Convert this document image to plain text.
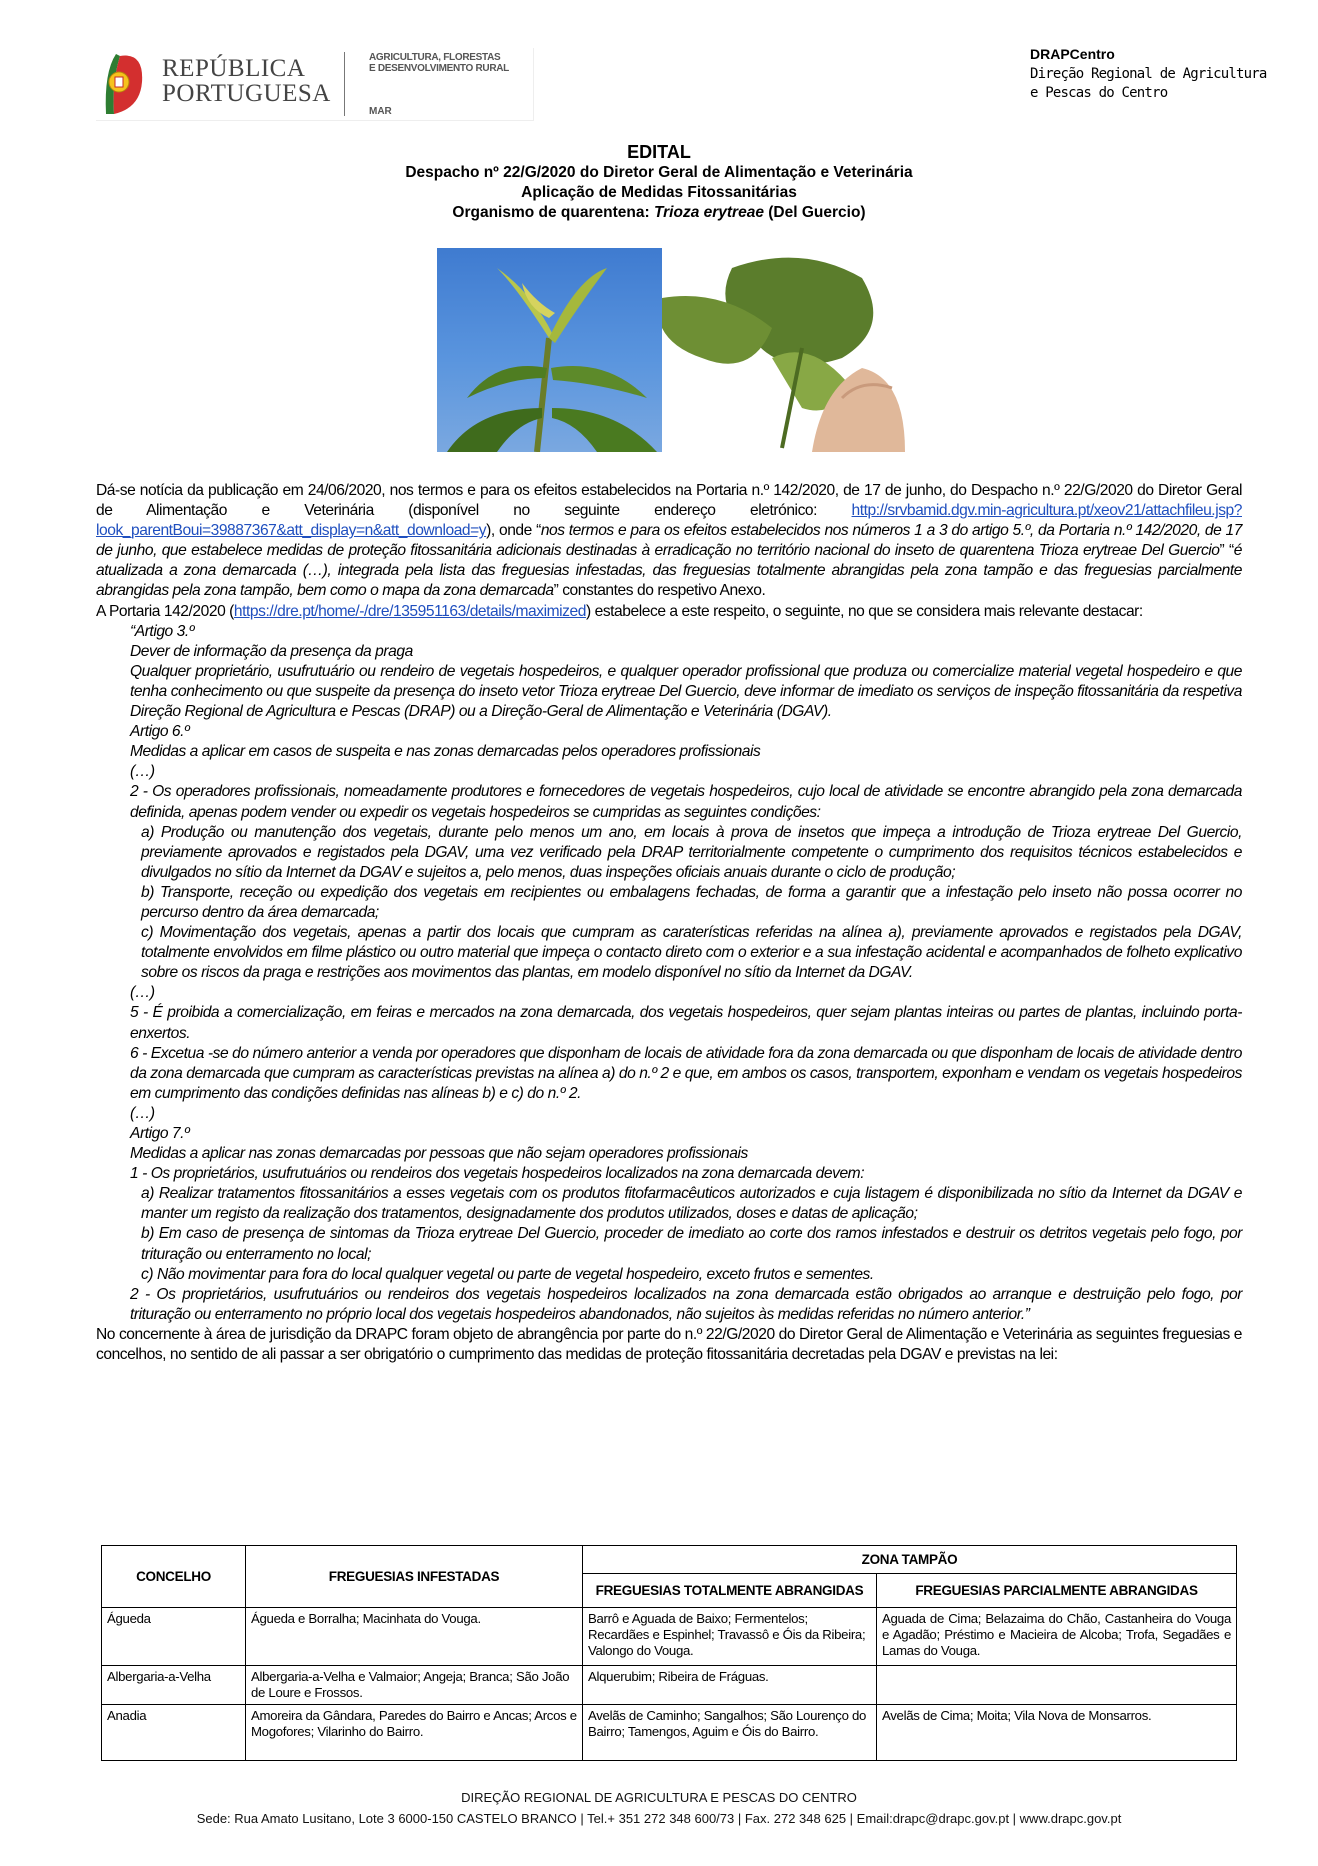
REPÚBLICA
PORTUGUESA
AGRICULTURA, FLORESTAS
E DESENVOLVIMENTO RURAL
MAR
DRAPCentro
Direção Regional de Agricultura
e Pescas do Centro
EDITAL
Despacho nº 22/G/2020 do Diretor Geral de Alimentação e Veterinária
Aplicação de Medidas Fitossanitárias
Organismo de quarentena: Trioza erytreae (Del Guercio)

Dá-se notícia da publicação em 24/06/2020, nos termos e para os efeitos estabelecidos na Portaria n.º 142/2020, de 17 de junho, do Despacho n.º 22/G/2020 do Diretor Geral de Alimentação e Veterinária (disponível no seguinte endereço eletrónico: http://srvbamid.dgv.min-agricultura.pt/xeov21/attachfileu.jsp?look_parentBoui=39887367&att_display=n&att_download=y), onde “nos termos e para os efeitos estabelecidos nos números 1 a 3 do artigo 5.º, da Portaria n.º 142/2020, de 17 de junho, que estabelece medidas de proteção fitossanitária adicionais destinadas à erradicação no território nacional do inseto de quarentena Trioza erytreae Del Guercio” “é atualizada a zona demarcada (…), integrada pela lista das freguesias infestadas, das freguesias totalmente abrangidas pela zona tampão e das freguesias parcialmente abrangidas pela zona tampão, bem como o mapa da zona demarcada” constantes do respetivo Anexo.

A Portaria 142/2020 (https://dre.pt/home/-/dre/135951163/details/maximized) estabelece a este respeito, o seguinte, no que se considera mais relevante destacar:

“Artigo 3.º

Dever de informação da presença da praga

Qualquer proprietário, usufrutuário ou rendeiro de vegetais hospedeiros, e qualquer operador profissional que produza ou comercialize material vegetal hospedeiro e que tenha conhecimento ou que suspeite da presença do inseto vetor Trioza erytreae Del Guercio, deve informar de imediato os serviços de inspeção fitossanitária da respetiva Direção Regional de Agricultura e Pescas (DRAP) ou a Direção-Geral de Alimentação e Veterinária (DGAV).

Artigo 6.º

Medidas a aplicar em casos de suspeita e nas zonas demarcadas pelos operadores profissionais

(…)

2 - Os operadores profissionais, nomeadamente produtores e fornecedores de vegetais hospedeiros, cujo local de atividade se encontre abrangido pela zona demarcada definida, apenas podem vender ou expedir os vegetais hospedeiros se cumpridas as seguintes condições:

a) Produção ou manutenção dos vegetais, durante pelo menos um ano, em locais à prova de insetos que impeça a introdução de Trioza erytreae Del Guercio, previamente aprovados e registados pela DGAV, uma vez verificado pela DRAP territorialmente competente o cumprimento dos requisitos técnicos estabelecidos e divulgados no sítio da Internet da DGAV e sujeitos a, pelo menos, duas inspeções oficiais anuais durante o ciclo de produção;

b) Transporte, receção ou expedição dos vegetais em recipientes ou embalagens fechadas, de forma a garantir que a infestação pelo inseto não possa ocorrer no percurso dentro da área demarcada;

c) Movimentação dos vegetais, apenas a partir dos locais que cumpram as caraterísticas referidas na alínea a), previamente aprovados e registados pela DGAV, totalmente envolvidos em filme plástico ou outro material que impeça o contacto direto com o exterior e a sua infestação acidental e acompanhados de folheto explicativo sobre os riscos da praga e restrições aos movimentos das plantas, em modelo disponível no sítio da Internet da DGAV.

(…)

5 - É proibida a comercialização, em feiras e mercados na zona demarcada, dos vegetais hospedeiros, quer sejam plantas inteiras ou partes de plantas, incluindo porta-enxertos.

6 - Excetua -se do número anterior a venda por operadores que disponham de locais de atividade fora da zona demarcada ou que disponham de locais de atividade dentro da zona demarcada que cumpram as características previstas na alínea a) do n.º 2 e que, em ambos os casos, transportem, exponham e vendam os vegetais hospedeiros em cumprimento das condições definidas nas alíneas b) e c) do n.º 2.

(…)

Artigo 7.º

Medidas a aplicar nas zonas demarcadas por pessoas que não sejam operadores profissionais

1 - Os proprietários, usufrutuários ou rendeiros dos vegetais hospedeiros localizados na zona demarcada devem:

a) Realizar tratamentos fitossanitários a esses vegetais com os produtos fitofarmacêuticos autorizados e cuja listagem é disponibilizada no sítio da Internet da DGAV e manter um registo da realização dos tratamentos, designadamente dos produtos utilizados, doses e datas de aplicação;

b) Em caso de presença de sintomas da Trioza erytreae Del Guercio, proceder de imediato ao corte dos ramos infestados e destruir os detritos vegetais pelo fogo, por trituração ou enterramento no local;

c) Não movimentar para fora do local qualquer vegetal ou parte de vegetal hospedeiro, exceto frutos e sementes.

2 - Os proprietários, usufrutuários ou rendeiros dos vegetais hospedeiros localizados na zona demarcada estão obrigados ao arranque e destruição pelo fogo, por trituração ou enterramento no próprio local dos vegetais hospedeiros abandonados, não sujeitos às medidas referidas no número anterior.”

No concernente à área de jurisdição da DRAPC foram objeto de abrangência por parte do n.º 22/G/2020 do Diretor Geral de Alimentação e Veterinária as seguintes freguesias e concelhos, no sentido de ali passar a ser obrigatório o cumprimento das medidas de proteção fitossanitária decretadas pela DGAV e previstas na lei:

CONCELHO	FREGUESIAS INFESTADAS	ZONA TAMPÃO	
		FREGUESIAS TOTALMENTE ABRANGIDAS	FREGUESIAS PARCIALMENTE ABRANGIDAS
Águeda	Águeda e Borralha; Macinhata do Vouga.	Barrô e Aguada de Baixo; Fermentelos; Recardães e Espinhel; Travassô e Óis da Ribeira; Valongo do Vouga.	Aguada de Cima; Belazaima do Chão, Castanheira do Vouga e Agadão; Préstimo e Macieira de Alcoba; Trofa, Segadães e Lamas do Vouga.
Albergaria-a-Velha	Albergaria-a-Velha e Valmaior; Angeja; Branca; São João de Loure e Frossos.	Alquerubim; Ribeira de Fráguas.	
Anadia	Amoreira da Gândara, Paredes do Bairro e Ancas; Arcos e Mogofores; Vilarinho do Bairro.	Avelãs de Caminho; Sangalhos; São Lourenço do Bairro; Tamengos, Aguim e Óis do Bairro.	Avelãs de Cima; Moita; Vila Nova de Monsarros.
DIREÇÃO REGIONAL DE AGRICULTURA E PESCAS DO CENTRO
Sede: Rua Amato Lusitano, Lote 3 6000-150 CASTELO BRANCO | Tel.+ 351 272 348 600/73 | Fax. 272 348 625 | Email:drapc@drapc.gov.pt | www.drapc.gov.pt
